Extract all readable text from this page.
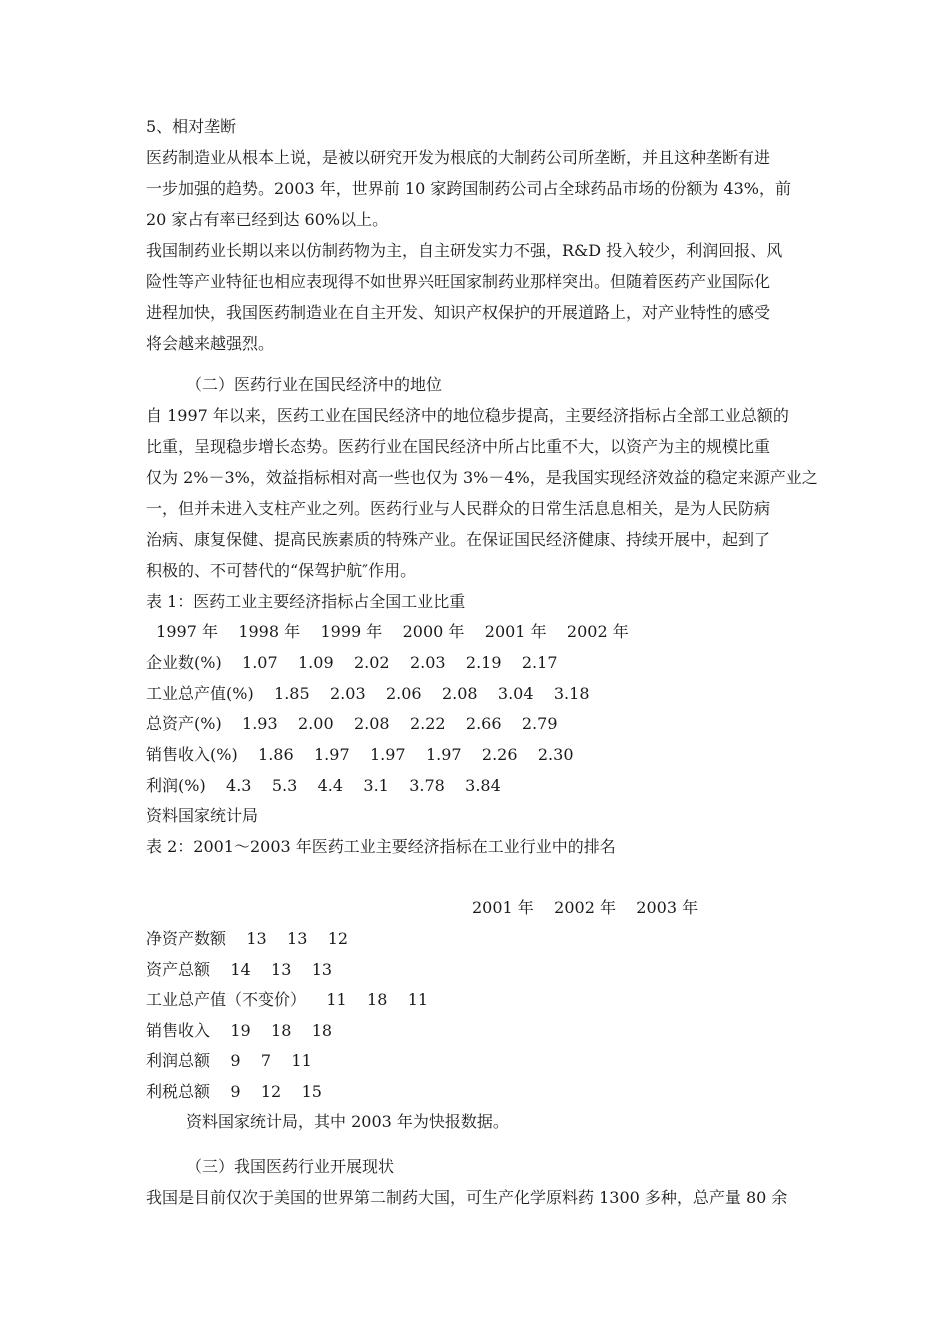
5、相对垄断
医药制造业从根本上说，是被以研究开发为根底的大制药公司所垄断，并且这种垄断有进
一步加强的趋势。2003 年，世界前 10 家跨国制药公司占全球药品市场的份额为 43%，前
20 家占有率已经到达 60%以上。
我国制药业长期以来以仿制药物为主，自主研发实力不强，R&D 投入较少，利润回报、风
险性等产业特征也相应表现得不如世界兴旺国家制药业那样突出。但随着医药产业国际化
进程加快，我国医药制造业在自主开发、知识产权保护的开展道路上，对产业特性的感受
将会越来越强烈。
（二）医药行业在国民经济中的地位
自 1997 年以来，医药工业在国民经济中的地位稳步提高，主要经济指标占全部工业总额的
比重，呈现稳步增长态势。医药行业在国民经济中所占比重不大，以资产为主的规模比重
仅为 2%－3%，效益指标相对高一些也仅为 3%－4%，是我国实现经济效益的稳定来源产业之
一，但并未进入支柱产业之列。医药行业与人民群众的日常生活息息相关，是为人民防病
治病、康复保健、提高民族素质的特殊产业。在保证国民经济健康、持续开展中，起到了
积极的、不可替代的“保驾护航″作用。
表 1：医药工业主要经济指标占全国工业比重
1997 年    1998 年    1999 年    2000 年    2001 年    2002 年
企业数(%)    1.07    1.09    2.02    2.03    2.19    2.17
工业总产值(%)    1.85    2.03    2.06    2.08    3.04    3.18
总资产(%)    1.93    2.00    2.08    2.22    2.66    2.79
销售收入(%)    1.86    1.97    1.97    1.97    2.26    2.30
利润(%)    4.3    5.3    4.4    3.1    3.78    3.84
资料国家统计局
表 2：2001～2003 年医药工业主要经济指标在工业行业中的排名
2001 年    2002 年    2003 年
净资产数额    13    13    12
资产总额    14    13    13
工业总产值（不变价）    11    18    11
销售收入    19    18    18
利润总额    9    7    11
利税总额    9    12    15
资料国家统计局，其中 2003 年为快报数据。
（三）我国医药行业开展现状
我国是目前仅次于美国的世界第二制药大国，可生产化学原料药 1300 多种，总产量 80 余
